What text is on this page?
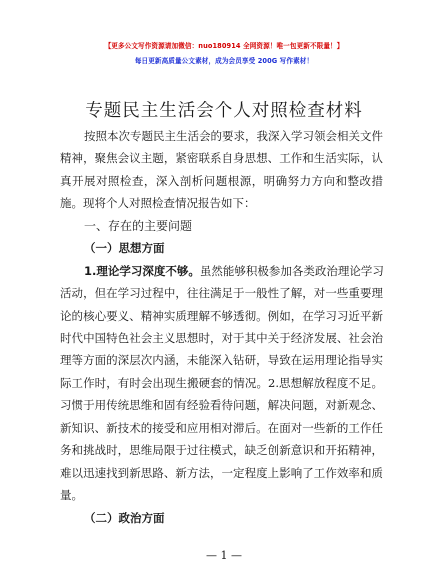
【更多公文写作资源请加微信：nuo180914 全网资源！唯一包更新不限量！】
每日更新高质量公文素材，成为会员享受 200G 写作素材！
专题民主生活会个人对照检查材料
按照本次专题民主生活会的要求，我深入学习领会相关文件
精神，聚焦会议主题，紧密联系自身思想、工作和生活实际，认
真开展对照检查，深入剖析问题根源，明确努力方向和整改措
施。现将个人对照检查情况报告如下：
一、存在的主要问题
（一）思想方面
1.理论学习深度不够。虽然能够积极参加各类政治理论学习
活动，但在学习过程中，往往满足于一般性了解，对一些重要理
论的核心要义、精神实质理解不够透彻。例如，在学习习近平新
时代中国特色社会主义思想时，对于其中关于经济发展、社会治
理等方面的深层次内涵，未能深入钻研，导致在运用理论指导实
际工作时，有时会出现生搬硬套的情况。2.思想解放程度不足。
习惯于用传统思维和固有经验看待问题，解决问题，对新观念、
新知识、新技术的接受和应用相对滞后。在面对一些新的工作任
务和挑战时，思维局限于过往模式，缺乏创新意识和开拓精神，
难以迅速找到新思路、新方法，一定程度上影响了工作效率和质
量。
— 1 —
（二）政治方面
